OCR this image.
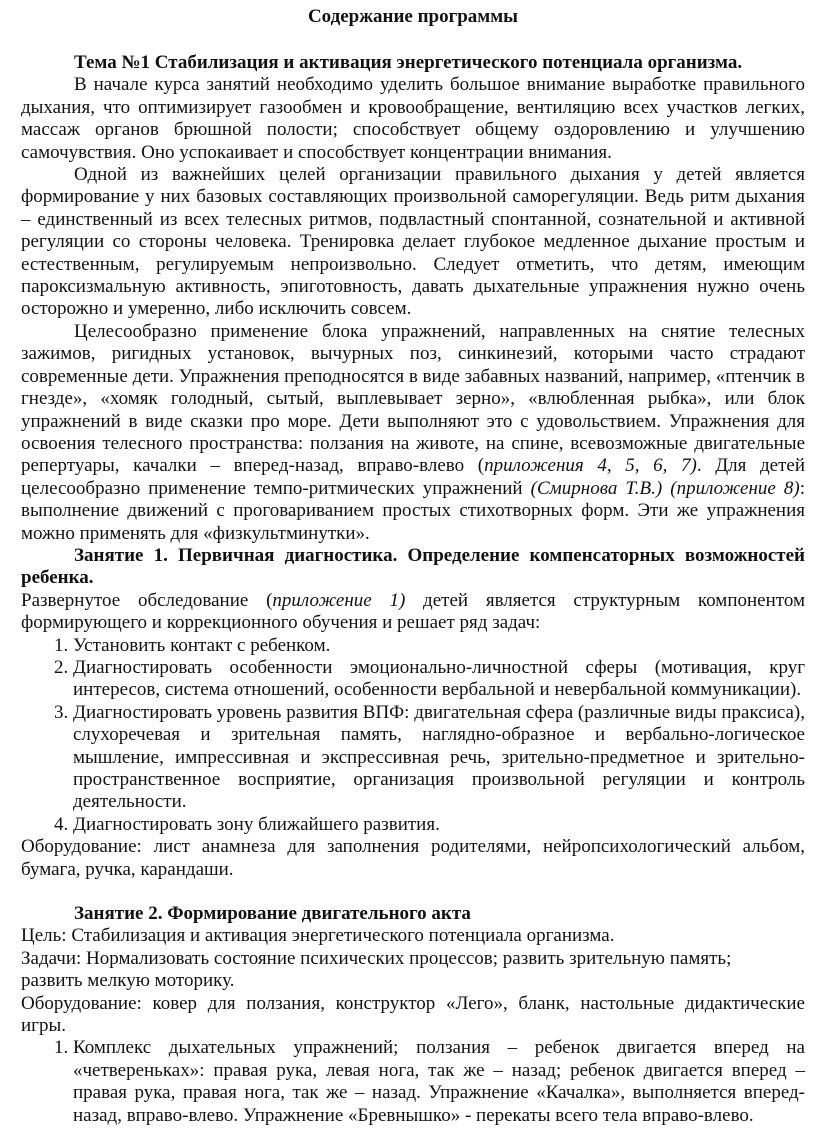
Содержание программы

Тема №1 Стабилизация и активация энергетического потенциала организма.

В начале курса занятий необходимо уделить большое внимание выработке правильного дыхания, что оптимизирует газообмен и кровообращение, вентиляцию всех участков легких, массаж органов брюшной полости; способствует общему оздоровлению и улучшению самочувствия. Оно успокаивает и способствует концентрации внимания.

Одной из важнейших целей организации правильного дыхания у детей является формирование у них базовых составляющих произвольной саморегуляции. Ведь ритм дыхания – единственный из всех телесных ритмов, подвластный спонтанной, сознательной и активной регуляции со стороны человека. Тренировка делает глубокое медленное дыхание простым и естественным, регулируемым непроизвольно. Следует отметить, что детям, имеющим пароксизмальную активность, эпиготовность, давать дыхательные упражнения нужно очень осторожно и умеренно, либо исключить совсем.

Целесообразно применение блока упражнений, направленных на снятие телесных зажимов, ригидных установок, вычурных поз, синкинезий, которыми часто страдают современные дети. Упражнения преподносятся в виде забавных названий, например, «птенчик в гнезде», «хомяк голодный, сытый, выплевывает зерно», «влюбленная рыбка», или блок упражнений в виде сказки про море. Дети выполняют это с удовольствием. Упражнения для освоения телесного пространства: ползания на животе, на спине, всевозможные двигательные репертуары, качалки – вперед-назад, вправо-влево (приложения 4, 5, 6, 7). Для детей целесообразно применение темпо-ритмических упражнений (Смирнова Т.В.) (приложение 8): выполнение движений с проговариванием простых стихотворных форм. Эти же упражнения можно применять для «физкультминутки».

Занятие 1. Первичная диагностика. Определение компенсаторных возможностей ребенка.

Развернутое обследование (приложение 1) детей является структурным компонентом формирующего и коррекционного обучения и решает ряд задач:

1. Установить контакт с ребенком.
2. Диагностировать особенности эмоционально-личностной сферы (мотивация, круг интересов, система отношений, особенности вербальной и невербальной коммуникации).
3. Диагностировать уровень развития ВПФ: двигательная сфера (различные виды праксиса), слухоречевая и зрительная память, наглядно-образное и вербально-логическое мышление, импрессивная и экспрессивная речь, зрительно-предметное и зрительно-пространственное восприятие, организация произвольной регуляции и контроль деятельности.
4. Диагностировать зону ближайшего развития.

Оборудование: лист анамнеза для заполнения родителями, нейропсихологический альбом, бумага, ручка, карандаши.

Занятие 2. Формирование двигательного акта

Цель: Стабилизация и активация энергетического потенциала организма.

Задачи: Нормализовать состояние психических процессов; развить зрительную память;
развить мелкую моторику.

Оборудование: ковер для ползания, конструктор «Лего», бланк, настольные дидактические игры.

1. Комплекс дыхательных упражнений; ползания – ребенок двигается вперед на «четвереньках»: правая рука, левая нога, так же – назад; ребенок двигается вперед – правая рука, правая нога, так же – назад. Упражнение «Качалка», выполняется вперед-назад, вправо-влево. Упражнение «Бревнышко» - перекаты всего тела вправо-влево.
